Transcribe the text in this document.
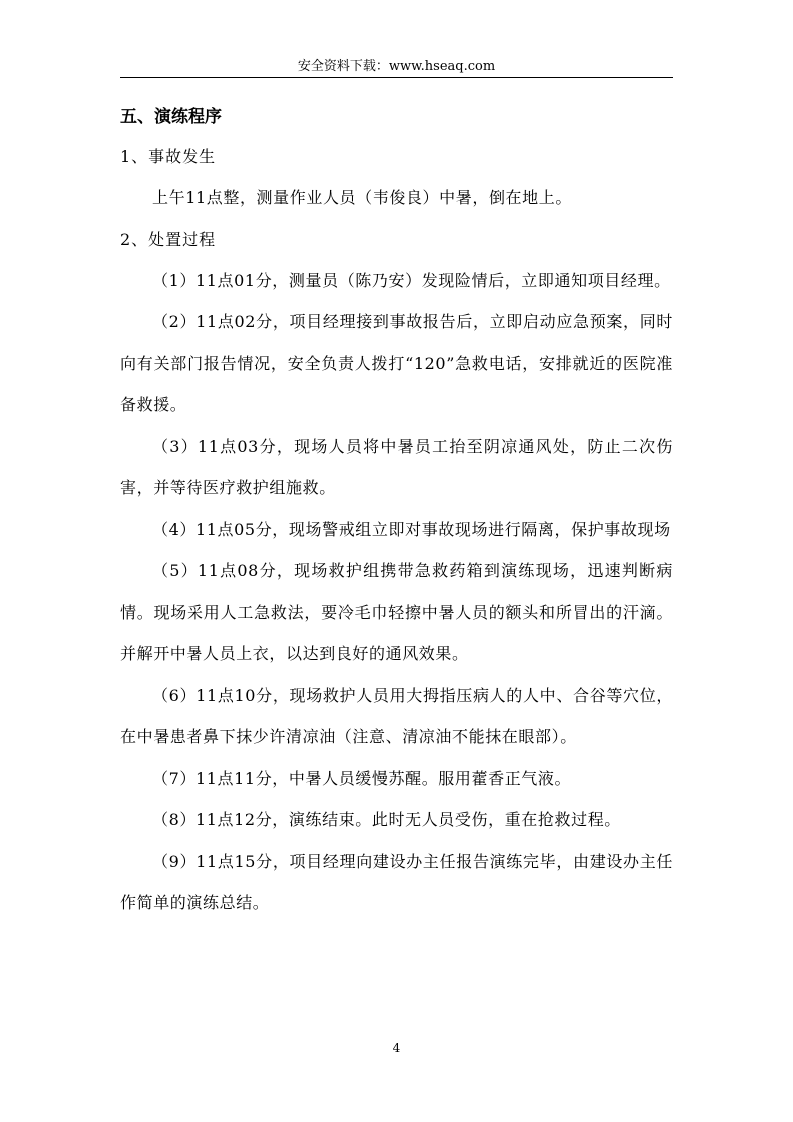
安全资料下载：www.hseaq.com
五、演练程序

1、事故发生

上午11点整，测量作业人员（韦俊良）中暑，倒在地上。

2、处置过程

（1）11点01分，测量员（陈乃安）发现险情后，立即通知项目经理。

（2）11点02分，项目经理接到事故报告后，立即启动应急预案，同时向有关部门报告情况，安全负责人拨打“120”急救电话，安排就近的医院准备救援。

（3）11点03分，现场人员将中暑员工抬至阴凉通风处，防止二次伤害，并等待医疗救护组施救。

（4）11点05分，现场警戒组立即对事故现场进行隔离，保护事故现场

（5）11点08分，现场救护组携带急救药箱到演练现场，迅速判断病情。现场采用人工急救法，要冷毛巾轻擦中暑人员的额头和所冒出的汗滴。并解开中暑人员上衣，以达到良好的通风效果。

（6）11点10分，现场救护人员用大拇指压病人的人中、合谷等穴位，在中暑患者鼻下抹少许清凉油（注意、清凉油不能抹在眼部）。

（7）11点11分，中暑人员缓慢苏醒。服用藿香正气液。

（8）11点12分，演练结束。此时无人员受伤，重在抢救过程。

（9）11点15分，项目经理向建设办主任报告演练完毕，由建设办主任作简单的演练总结。

4
